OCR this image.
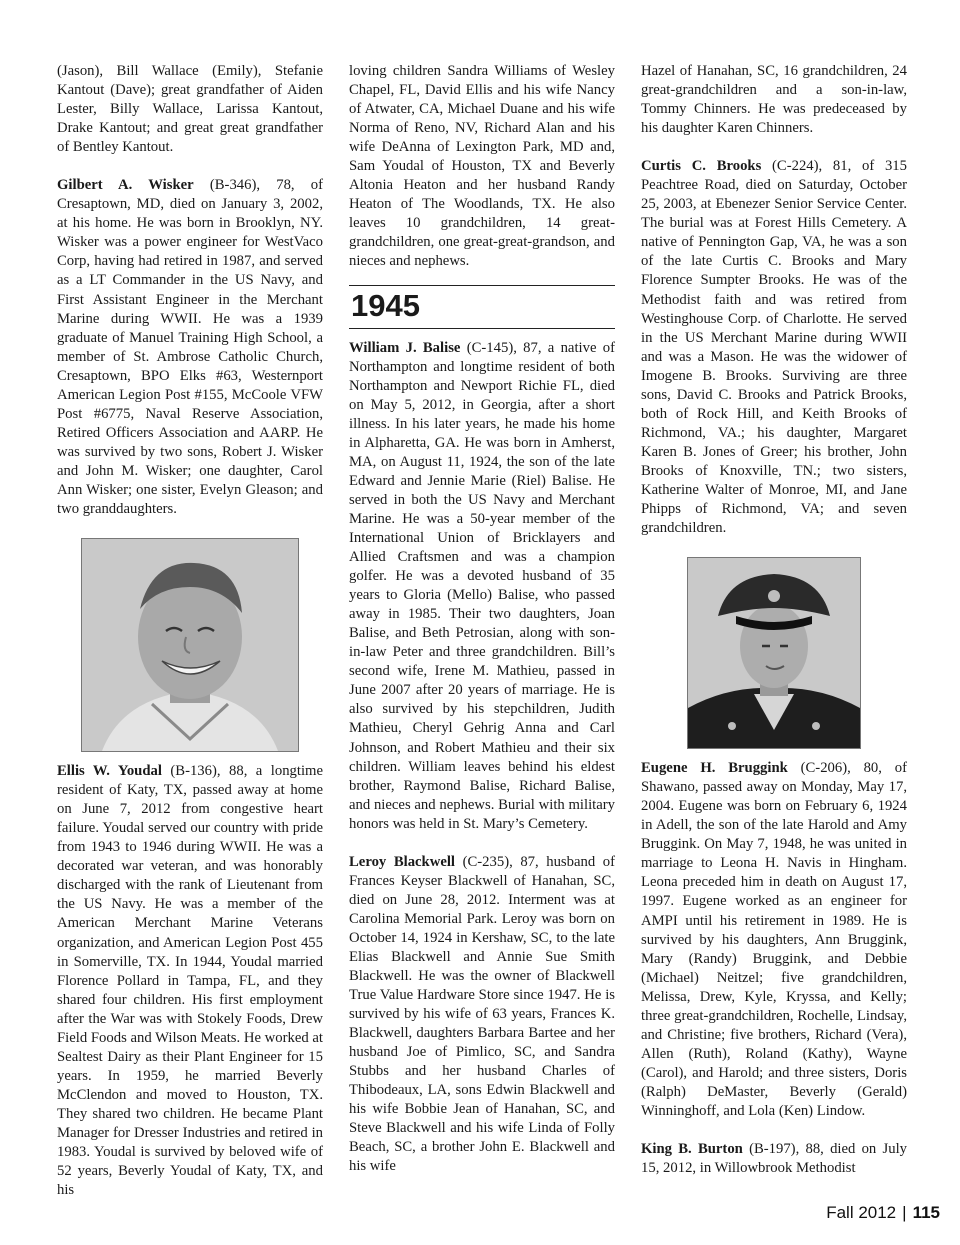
(Jason), Bill Wallace (Emily), Stefanie Kantout (Dave); great grandfather of Aiden Lester, Billy Wallace, Larissa Kantout, Drake Kantout; and great great grandfather of Bentley Kantout.

Gilbert A. Wisker (B-346), 78, of Cresaptown, MD, died on January 3, 2002, at his home. He was born in Brooklyn, NY. Wisker was a power engineer for WestVaco Corp, having had retired in 1987, and served as a LT Commander in the US Navy, and First Assistant Engineer in the Merchant Marine during WWII. He was a 1939 graduate of Manuel Training High School, a member of St. Ambrose Catholic Church, Cresaptown, BPO Elks #63, Westernport American Legion Post #155, McCoole VFW Post #6775, Naval Reserve Association, Retired Officers Association and AARP. He was survived by two sons, Robert J. Wisker and John M. Wisker; one daughter, Carol Ann Wisker; one sister, Evelyn Gleason; and two granddaughters.

Ellis W. Youdal (B-136), 88, a longtime resident of Katy, TX, passed away at home on June 7, 2012 from congestive heart failure. Youdal served our country with pride from 1943 to 1946 during WWII. He was a decorated war veteran, and was honorably discharged with the rank of Lieutenant from the US Navy. He was a member of the American Merchant Marine Veterans organization, and American Legion Post 455 in Somerville, TX. In 1944, Youdal married Florence Pollard in Tampa, FL, and they shared four children. His first employment after the War was with Stokely Foods, Drew Field Foods and Wilson Meats. He worked at Sealtest Dairy as their Plant Engineer for 15 years. In 1959, he married Beverly McClendon and moved to Houston, TX. They shared two children. He became Plant Manager for Dresser Industries and retired in 1983. Youdal is survived by beloved wife of 52 years, Beverly Youdal of Katy, TX, and his

loving children Sandra Williams of Wesley Chapel, FL, David Ellis and his wife Nancy of Atwater, CA, Michael Duane and his wife Norma of Reno, NV, Richard Alan and his wife DeAnna of Lexington Park, MD and, Sam Youdal of Houston, TX and Beverly Altonia Heaton and her husband Randy Heaton of The Woodlands, TX. He also leaves 10 grandchildren, 14 great-grandchildren, one great-great-grandson, and nieces and nephews.

1945

William J. Balise (C-145), 87, a native of Northampton and longtime resident of both Northampton and Newport Richie FL, died on May 5, 2012, in Georgia, after a short illness. In his later years, he made his home in Alpharetta, GA. He was born in Amherst, MA, on August 11, 1924, the son of the late Edward and Jennie Marie (Riel) Balise. He served in both the US Navy and Merchant Marine. He was a 50-year member of the International Union of Bricklayers and Allied Craftsmen and was a champion golfer. He was a devoted husband of 35 years to Gloria (Mello) Balise, who passed away in 1985. Their two daughters, Joan Balise, and Beth Petrosian, along with son-in-law Peter and three grandchildren. Bill’s second wife, Irene M. Mathieu, passed in June 2007 after 20 years of marriage. He is also survived by his stepchildren, Judith Mathieu, Cheryl Gehrig Anna and Carl Johnson, and Robert Mathieu and their six children. William leaves behind his eldest brother, Raymond Balise, Richard Balise, and nieces and nephews. Burial with military honors was held in St. Mary’s Cemetery.

Leroy Blackwell (C-235), 87, husband of Frances Keyser Blackwell of Hanahan, SC, died on June 28, 2012. Interment was at Carolina Memorial Park. Leroy was born on October 14, 1924 in Kershaw, SC, to the late Elias Blackwell and Annie Sue Smith Blackwell. He was the owner of Blackwell True Value Hardware Store since 1947. He is survived by his wife of 63 years, Frances K. Blackwell, daughters Barbara Bartee and her husband Joe of Pimlico, SC, and Sandra Stubbs and her husband Charles of Thibodeaux, LA, sons Edwin Blackwell and his wife Bobbie Jean of Hanahan, SC, and Steve Blackwell and his wife Linda of Folly Beach, SC, a brother John E. Blackwell and his wife

Hazel of Hanahan, SC, 16 grandchildren, 24 great-grandchildren and a son-in-law, Tommy Chinners. He was predeceased by his daughter Karen Chinners.

Curtis C. Brooks (C-224), 81, of 315 Peachtree Road, died on Saturday, October 25, 2003, at Ebenezer Senior Service Center. The burial was at Forest Hills Cemetery. A native of Pennington Gap, VA, he was a son of the late Curtis C. Brooks and Mary Florence Sumpter Brooks. He was of the Methodist faith and was retired from Westinghouse Corp. of Charlotte. He served in the US Merchant Marine during WWII and was a Mason. He was the widower of Imogene B. Brooks. Surviving are three sons, David C. Brooks and Patrick Brooks, both of Rock Hill, and Keith Brooks of Richmond, VA.; his daughter, Margaret Karen B. Jones of Greer; his brother, John Brooks of Knoxville, TN.; two sisters, Katherine Walter of Monroe, MI, and Jane Phipps of Richmond, VA; and seven grandchildren.

Eugene H. Bruggink (C-206), 80, of Shawano, passed away on Monday, May 17, 2004. Eugene was born on February 6, 1924 in Adell, the son of the late Harold and Amy Bruggink. On May 7, 1948, he was united in marriage to Leona H. Navis in Hingham. Leona preceded him in death on August 17, 1997. Eugene worked as an engineer for AMPI until his retirement in 1989. He is survived by his daughters, Ann Bruggink, Mary (Randy) Bruggink, and Debbie (Michael) Neitzel; five grandchildren, Melissa, Drew, Kyle, Kryssa, and Kelly; three great-grandchildren, Rochelle, Lindsay, and Christine; five brothers, Richard (Vera), Allen (Ruth), Roland (Kathy), Wayne (Carol), and Harold; and three sisters, Doris (Ralph) DeMaster, Beverly (Gerald) Winninghoff, and Lola (Ken) Lindow.

King B. Burton (B-197), 88, died on July 15, 2012, in Willowbrook Methodist

Fall 2012 | 115
